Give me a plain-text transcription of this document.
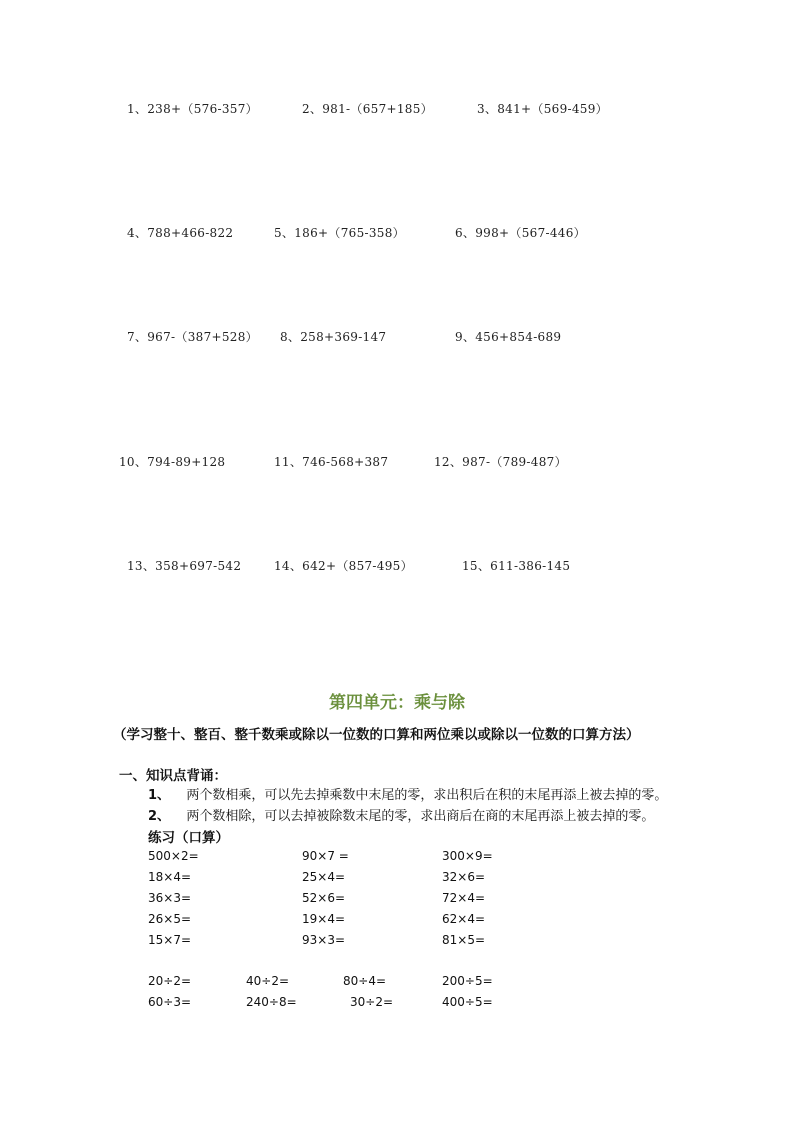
1、238+（576-357）	2、981-（657+185）	3、841+（569-459）
4、788+466-822	5、186+（765-358）	6、998+（567-446）
7、967-（387+528） 8、258+369-147	9、456+854-689
10、794-89+128	11、746-568+387	12、987-（789-487）
13、358+697-542	14、642+（857-495）	15、611-386-145
第四单元：乘与除
（学习整十、整百、整千数乘或除以一位数的口算和两位乘以或除以一位数的口算方法）
一、知识点背诵：
1、 两个数相乘，可以先去掉乘数中末尾的零，求出积后在积的末尾再添上被去掉的零。
2、 两个数相除，可以去掉被除数末尾的零，求出商后在商的末尾再添上被去掉的零。
练习（口算）
500×2=	90×7 =	300×9=
18×4=	25×4=	32×6=
36×3=	52×6=	72×4=
26×5=	19×4=	62×4=
15×7=	93×3=	81×5=
20÷2=	40÷2=	80÷4=	200÷5=
60÷3=	240÷8=	30÷2=	400÷5=
